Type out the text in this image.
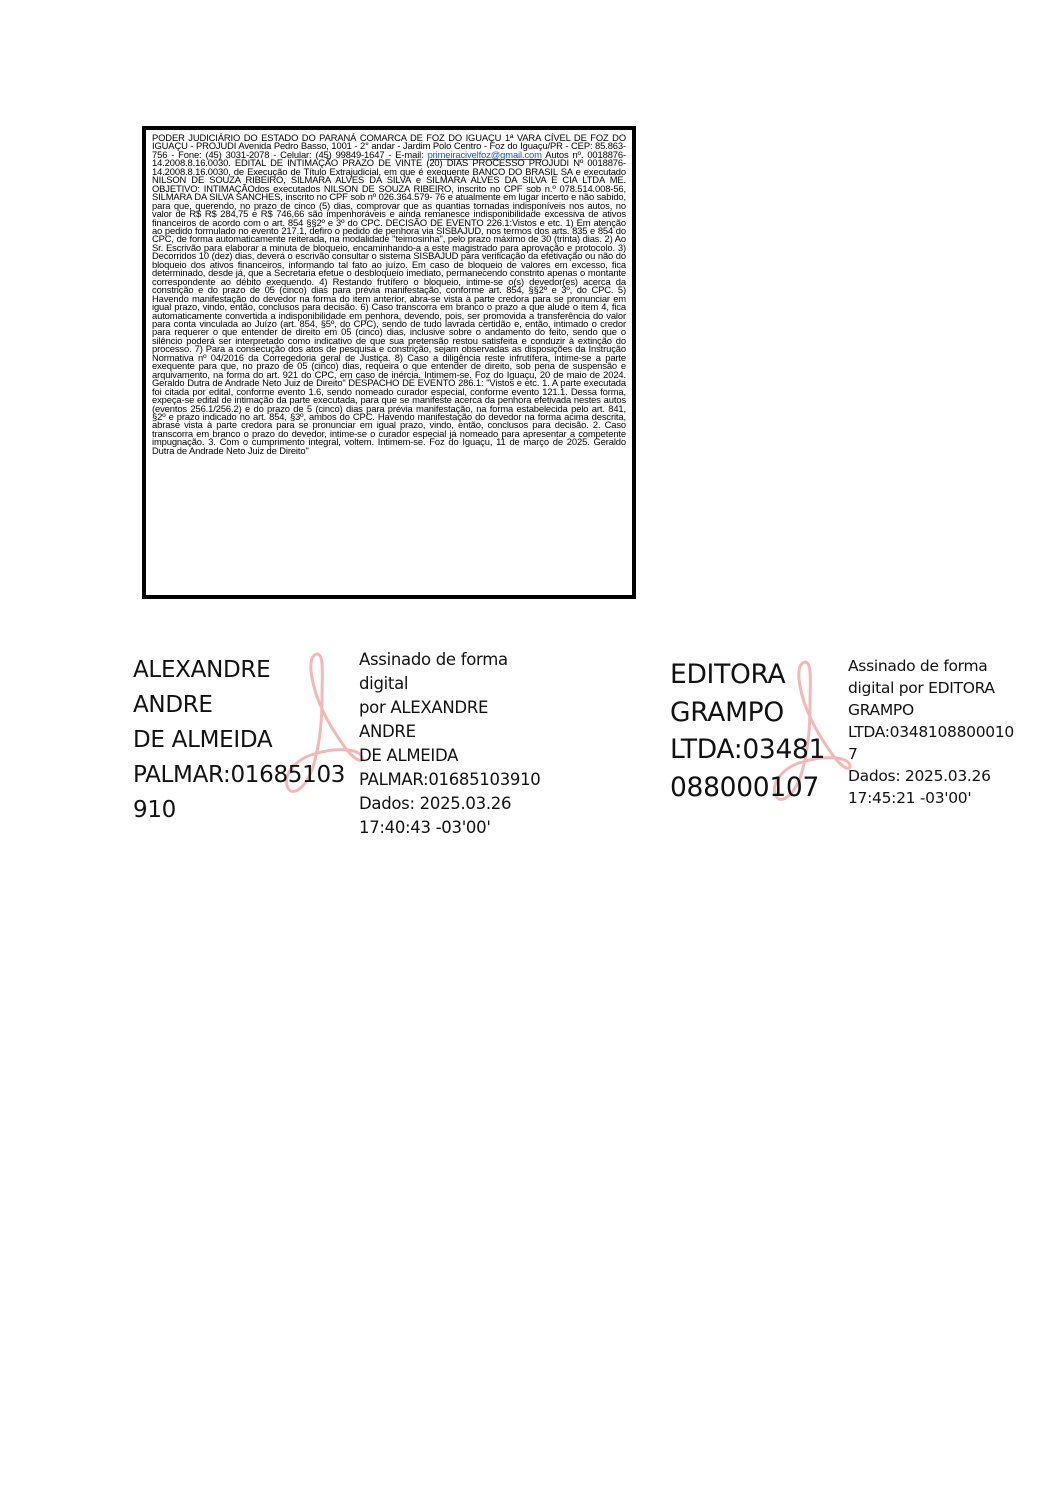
PODER JUDICIÁRIO DO ESTADO DO PARANÁ COMARCA DE FOZ DO IGUAÇU 1ª VARA CÍVEL DE FOZ DO IGUAÇU - PROJUDI Avenida Pedro Basso, 1001 - 2° andar - Jardim Polo Centro - Foz do Iguaçu/PR - CEP: 85.863-756 - Fone: (45) 3031-2078 - Celular: (45) 99849-1647 - E-mail: primeiracivelfoz@gmail.com Autos nº. 0018876-14.2008.8.16.0030. EDITAL DE INTIMAÇÃO PRAZO DE VINTE (20) DIAS PROCESSO PROJUDI Nº 0018876-14.2008.8.16.0030, de Execução de Título Extrajudicial, em que é exequente BANCO DO BRASIL SA e executado NILSON DE SOUZA RIBEIRO, SILMARA ALVES DA SILVA e SILMARA ALVES DA SILVA E CIA LTDA ME. OBJETIVO: INTIMAÇÃOdos executados NILSON DE SOUZA RIBEIRO, inscrito no CPF sob n.º 078.514.008-56, SILMARA DA SILVA SANCHES, inscrito no CPF sob nº 026.364.579- 76 e atualmente em lugar incerto e não sabido, para que, querendo, no prazo de cinco (5) dias, comprovar que as quantias tornadas indisponíveis nos autos, no valor de R$ R$ 284,75 e R$ 746,66 são impenhoráveis e ainda remanesce indisponibilidade excessiva de ativos financeiros de acordo com o art. 854 §§2º e 3º do CPC. DECISÃO DE EVENTO 226.1:Vistos e etc. 1) Em atenção ao pedido formulado no evento 217.1, defiro o pedido de penhora via SISBAJUD, nos termos dos arts. 835 e 854 do CPC, de forma automaticamente reiterada, na modalidade "teimosinha", pelo prazo máximo de 30 (trinta) dias. 2) Ao Sr. Escrivão para elaborar a minuta de bloqueio, encaminhando-a a este magistrado para aprovação e protocolo. 3) Decorridos 10 (dez) dias, deverá o escrivão consultar o sistema SISBAJUD para verificação da efetivação ou não do bloqueio dos ativos financeiros, informando tal fato ao juízo. Em caso de bloqueio de valores em excesso, fica determinado, desde já, que a Secretaria efetue o desbloqueio imediato, permanecendo constrito apenas o montante correspondente ao débito exequendo. 4) Restando frutífero o bloqueio, intime-se o(s) devedor(es) acerca da constrição e do prazo de 05 (cinco) dias para prévia manifestação, conforme art. 854, §§2º e 3º, do CPC. 5) Havendo manifestação do devedor na forma do item anterior, abra-se vista à parte credora para se pronunciar em igual prazo, vindo, então, conclusos para decisão. 6) Caso transcorra em branco o prazo a que alude o item 4, fica automaticamente convertida a indisponibilidade em penhora, devendo, pois, ser promovida a transferência do valor para conta vinculada ao Juízo (art. 854, §5º, do CPC), sendo de tudo lavrada certidão e, então, intimado o credor para requerer o que entender de direito em 05 (cinco) dias, inclusive sobre o andamento do feito, sendo que o silêncio poderá ser interpretado como indicativo de que sua pretensão restou satisfeita e conduzir à extinção do processo. 7) Para a consecução dos atos de pesquisa e constrição, sejam observadas as disposições da Instrução Normativa nº 04/2016 da Corregedoria geral de Justiça. 8) Caso a diligência reste infrutífera, intime-se a parte exequente para que, no prazo de 05 (cinco) dias, requeira o que entender de direito, sob pena de suspensão e arquivamento, na forma do art. 921 do CPC, em caso de inércia. Intimem-se. Foz do Iguaçu, 20 de maio de 2024. Geraldo Dutra de Andrade Neto Juiz de Direito" DESPACHO DE EVENTO 286.1: "Vistos e etc. 1. A parte executada foi citada por edital, conforme evento 1.6, sendo nomeado curador especial, conforme evento 121.1. Dessa forma, expeça-se edital de intimação da parte executada, para que se manifeste acerca da penhora efetivada nestes autos (eventos 256.1/256.2) e do prazo de 5 (cinco) dias para prévia manifestação, na forma estabelecida pelo art. 841, §2º e prazo indicado no art. 854, §3º, ambos do CPC. Havendo manifestação do devedor na forma acima descrita, abrase vista à parte credora para se pronunciar em igual prazo, vindo, então, conclusos para decisão. 2. Caso transcorra em branco o prazo do devedor, intime-se o curador especial já nomeado para apresentar a competente impugnação. 3. Com o cumprimento integral, voltem. Intimem-se. Foz do Iguaçu, 11 de março de 2025. Geraldo Dutra de Andrade Neto Juiz de Direito"

ALEXANDRE ANDRE
DE ALMEIDA
PALMAR:01685103
910
Assinado de forma digital
por ALEXANDRE ANDRE
DE ALMEIDA
PALMAR:01685103910
Dados: 2025.03.26
17:40:43 -03'00'
EDITORA
GRAMPO
LTDA:03481
088000107
Assinado de forma
digital por EDITORA
GRAMPO
LTDA:0348108800010
7
Dados: 2025.03.26
17:45:21 -03'00'
